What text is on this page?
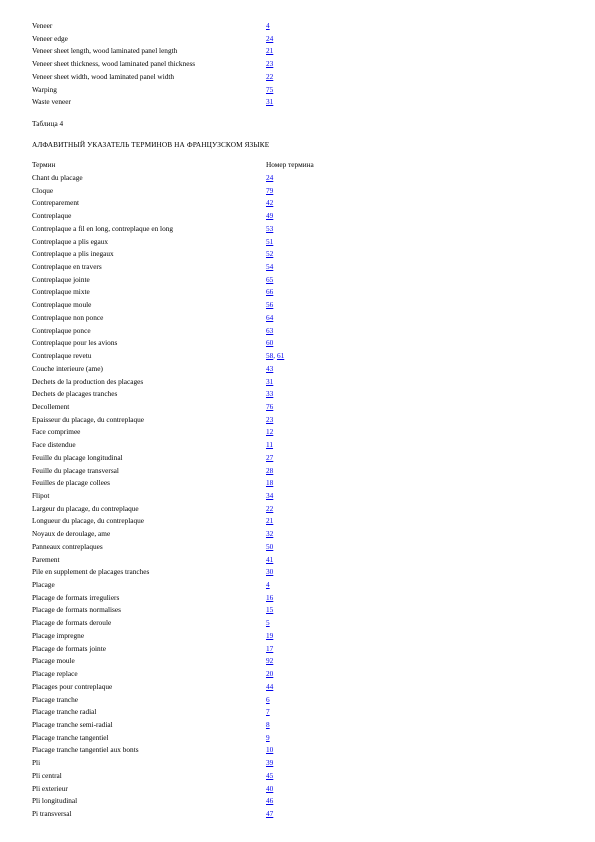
Veneer	4
Veneer edge	24
Veneer sheet length, wood laminated panel length	21
Veneer sheet thickness, wood laminated panel thickness	23
Veneer sheet width, wood laminated panel width	22
Warping	75
Waste veneer	31
Таблица 4
АЛФАВИТНЫЙ УКАЗАТЕЛЬ ТЕРМИНОВ НА ФРАНЦУЗСКОМ ЯЗЫКЕ
Термин	Номер термина
Chant du placage	24
Cloque	79
Contreparement	42
Contreplaque	49
Contreplaque a fil en long, contreplaque en long	53
Contreplaque a plis egaux	51
Contreplaque a plis inegaux	52
Contreplaque en travers	54
Contreplaque jointe	65
Contreplaque mixte	66
Contreplaque moule	56
Contreplaque non ponce	64
Contreplaque ponce	63
Contreplaque pour les avions	60
Contreplaque revetu	58, 61
Couche interieure (ame)	43
Dechets de la production des placages	31
Dechets de placages tranches	33
Decollement	76
Epaisseur du placage, du contreplaque	23
Face comprimee	12
Face distendue	11
Feuille du placage longitudinal	27
Feuille du placage transversal	28
Feuilles de placage collees	18
Flipot	34
Largeur du placage, du contreplaque	22
Longueur du placage, du contreplaque	21
Noyaux de deroulage, ame	32
Panneaux contreplaques	50
Parement	41
Pile en supplement de placages tranches	30
Placage	4
Placage de formats irreguliers	16
Placage de formats normalises	15
Placage de formats deroule	5
Placage impregne	19
Placage de formats jointe	17
Placage moule	92
Placage replace	20
Placages pour contreplaque	44
Placage tranche	6
Placage tranche radial	7
Placage tranche semi-radial	8
Placage tranche tangentiel	9
Placage tranche tangentiel aux bonts	10
Pli	39
Pli central	45
Pli exterieur	40
Pli longitudinal	46
Pi transversal	47
